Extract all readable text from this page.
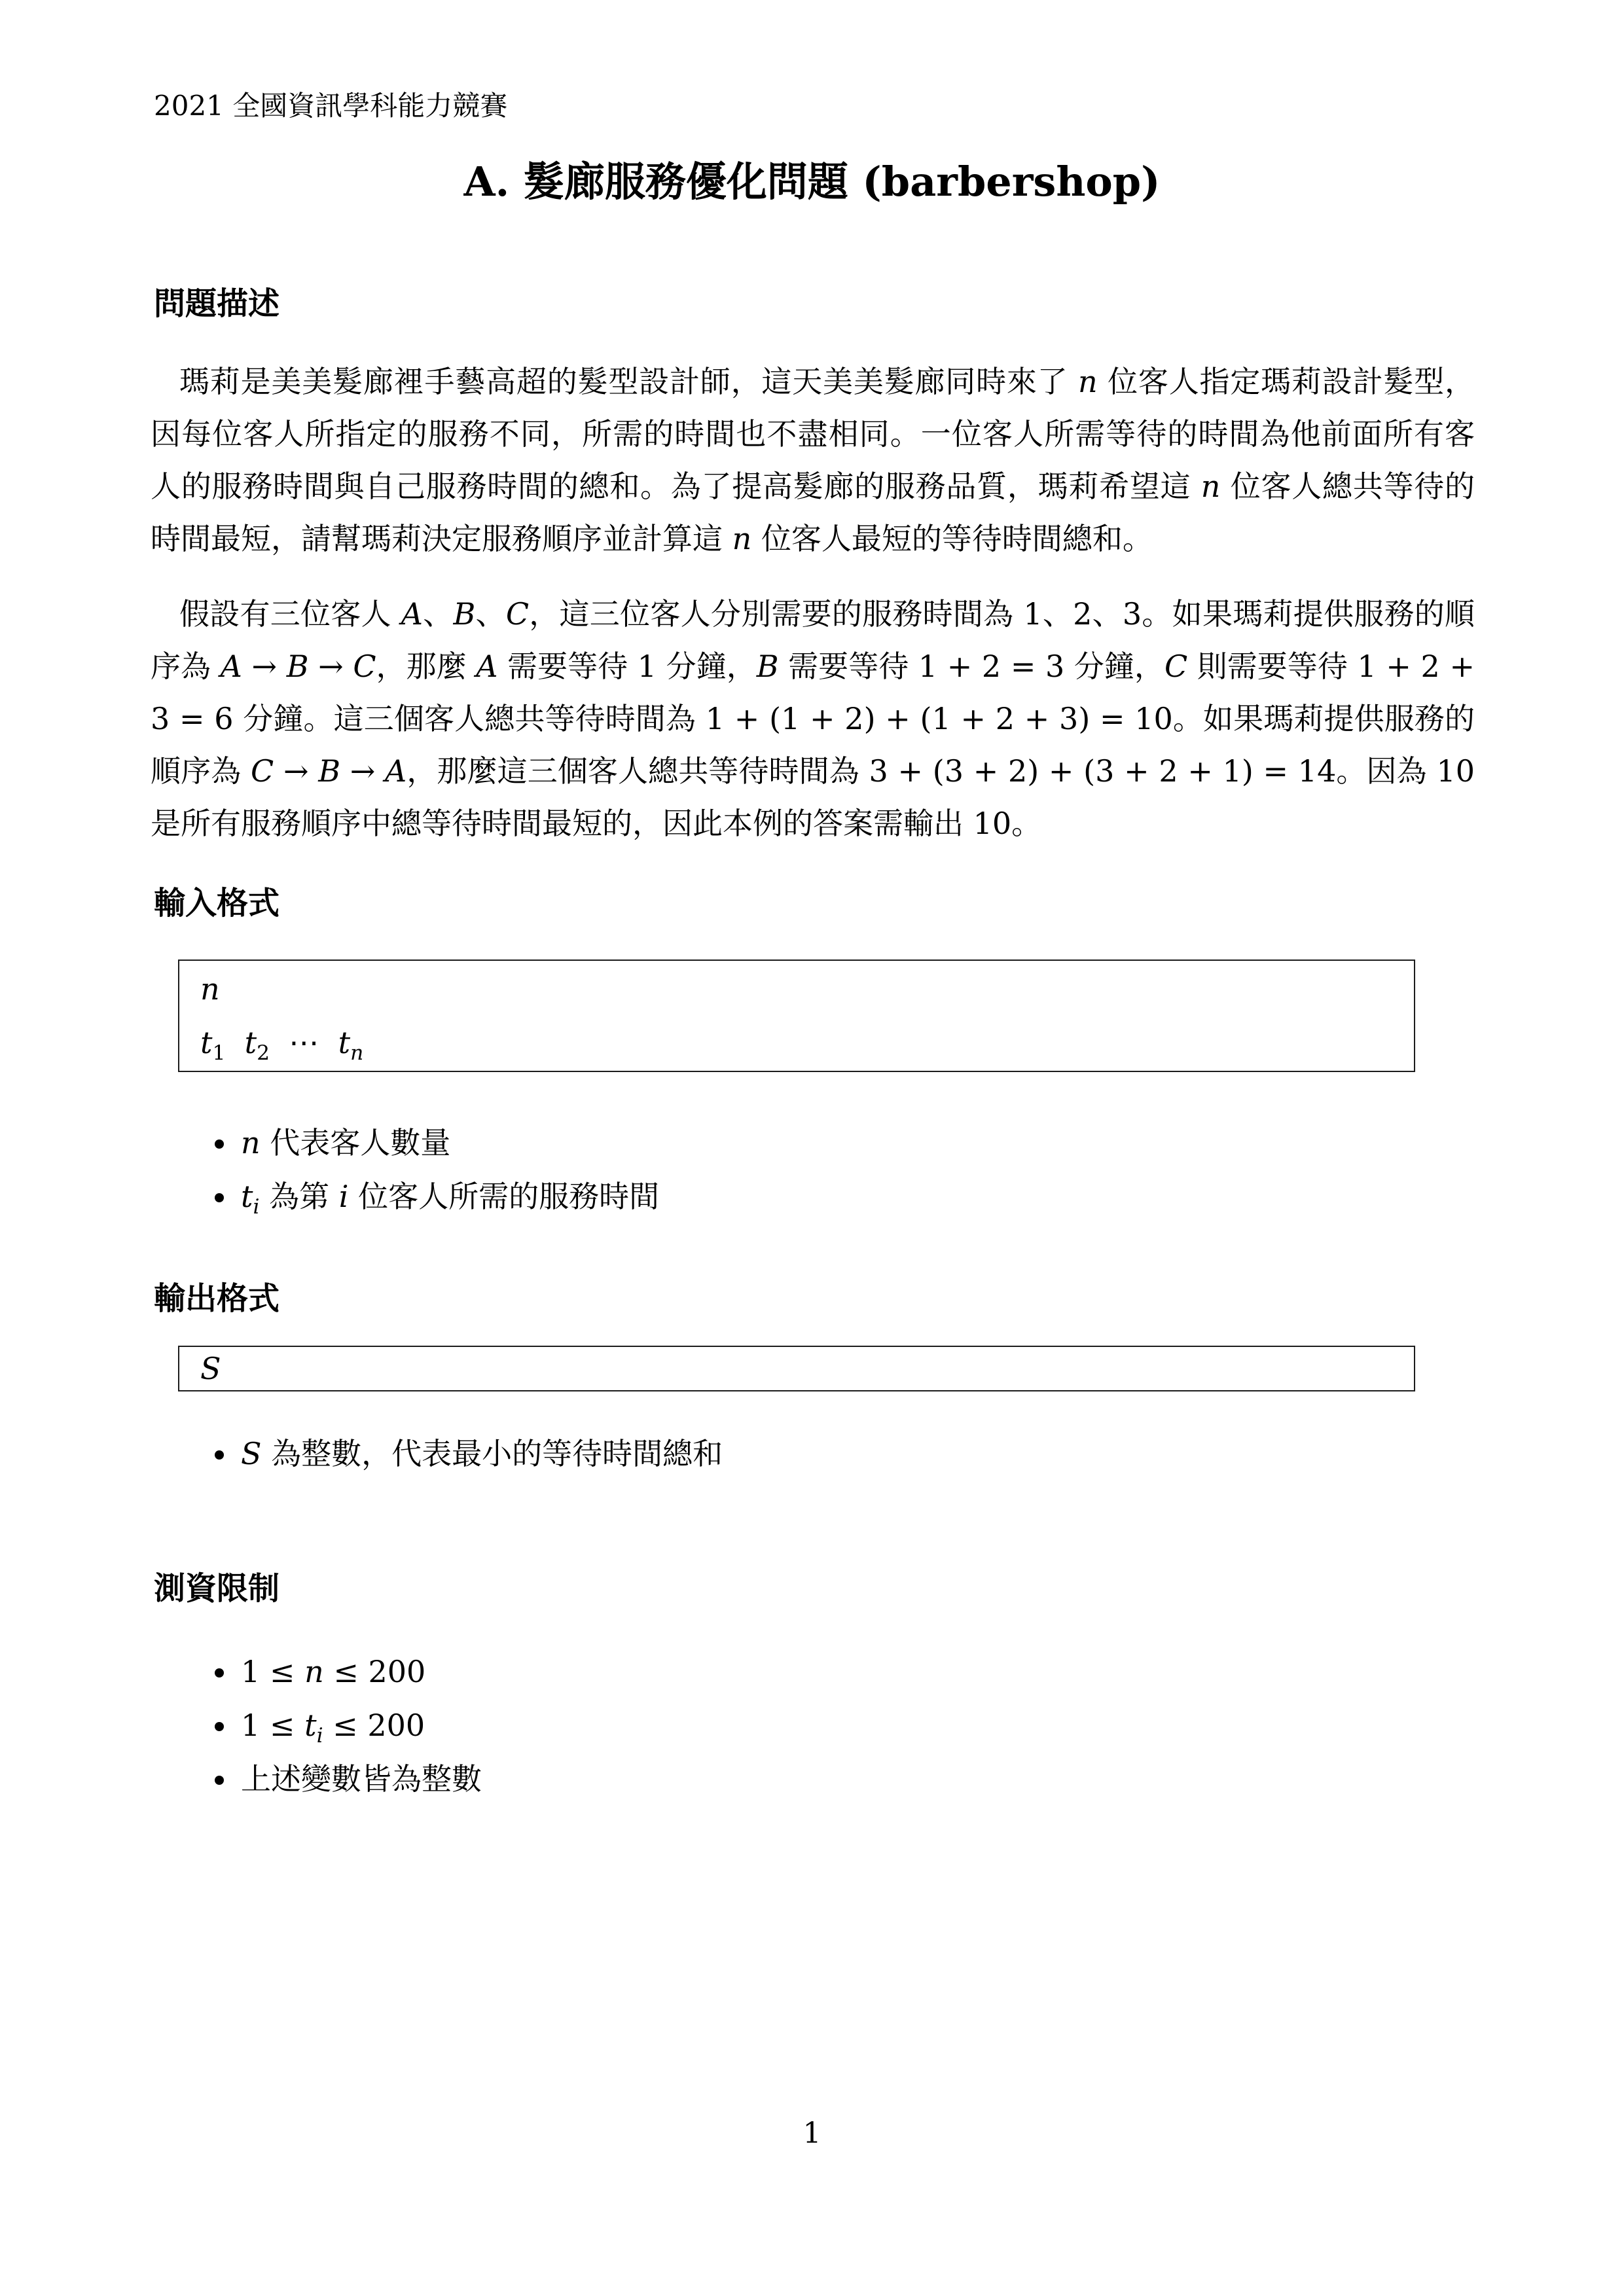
2021 全國資訊學科能力競賽
A. 髮廊服務優化問題 (barbershop)
問題描述
瑪莉是美美髮廊裡手藝高超的髮型設計師，這天美美髮廊同時來了 n 位客人指定瑪莉設計髮型，因每位客人所指定的服務不同，所需的時間也不盡相同。一位客人所需等待的時間為他前面所有客人的服務時間與自己服務時間的總和。為了提高髮廊的服務品質，瑪莉希望這 n 位客人總共等待的時間最短，請幫瑪莉決定服務順序並計算這 n 位客人最短的等待時間總和。
假設有三位客人 A、B、C，這三位客人分別需要的服務時間為 1、2、3。如果瑪莉提供服務的順序為 A → B → C，那麼 A 需要等待 1 分鐘，B 需要等待 1 + 2 = 3 分鐘，C 則需要等待 1 + 2 + 3 = 6 分鐘。這三個客人總共等待時間為 1 + (1 + 2) + (1 + 2 + 3) = 10。如果瑪莉提供服務的順序為 C → B → A，那麼這三個客人總共等待時間為 3 + (3 + 2) + (3 + 2 + 1) = 14。因為 10 是所有服務順序中總等待時間最短的，因此本例的答案需輸出 10。
輸入格式
n
$t_1$ $t_2$  ⋯  $t_n$
n 代表客人數量
$t_i$ 為第 i 位客人所需的服務時間
輸出格式
S
S 為整數，代表最小的等待時間總和
測資限制
1 ≤ n ≤ 200
$1 \le t_i \le 200$
上述變數皆為整數
1
